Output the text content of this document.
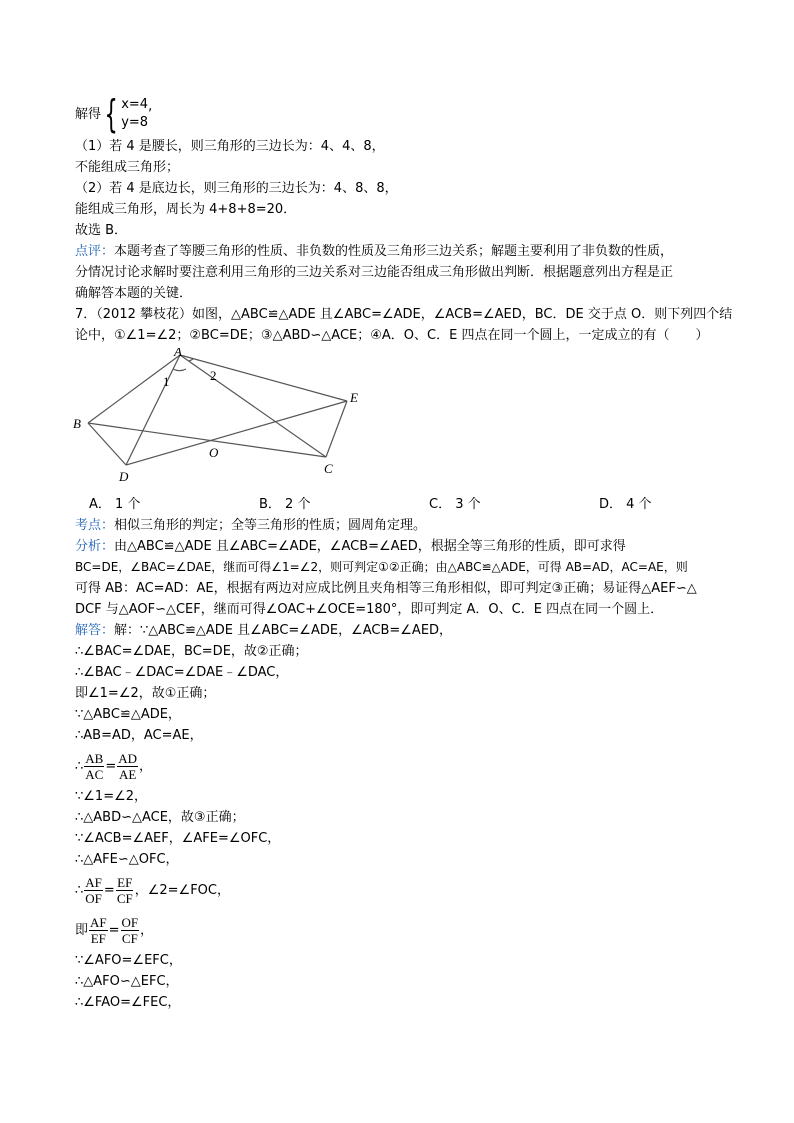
解得 { x=4
y=8
,
（1）若 4 是腰长，则三角形的三边长为：4、4、8，
不能组成三角形；
（2）若 4 是底边长，则三角形的三边长为：4、8、8，
能组成三角形，周长为 4+8+8=20．
故选 B．
点评：本题考查了等腰三角形的性质、非负数的性质及三角形三边关系；解题主要利用了非负数的性质，
分情况讨论求解时要注意利用三角形的三边关系对三边能否组成三角形做出判断．根据题意列出方程是正
确解答本题的关键．
7．（2012 攀枝花）如图，△ABC≌△ADE 且∠ABC=∠ADE，∠ACB=∠AED，BC．DE 交于点 O．则下列四个结
论中，①∠1=∠2；②BC=DE；③△ABD∽△ACE；④A．O、C．E 四点在同一个圆上，一定成立的有（　　）
A
B
C
D
E
O
1	2
A． 1 个	B． 2 个	C． 3 个	D． 4 个
考点：相似三角形的判定；全等三角形的性质；圆周角定理。
分析：由△ABC≌△ADE 且∠ABC=∠ADE，∠ACB=∠AED，根据全等三角形的性质，即可求得
BC=DE，∠BAC=∠DAE，继而可得∠1=∠2，则可判定①②正确；由△ABC≌△ADE，可得 AB=AD，AC=AE，则
可得 AB：AC=AD：AE，根据有两边对应成比例且夹角相等三角形相似，即可判定③正确；易证得△AEF∽△
DCF 与△AOF∽△CEF，继而可得∠OAC+∠OCE=180°，即可判定 A．O、C．E 四点在同一个圆上．
解答：解：∵△ABC≌△ADE 且∠ABC=∠ADE，∠ACB=∠AED，
∴∠BAC=∠DAE，BC=DE，故②正确；
∴∠BAC﹣∠DAC=∠DAE﹣∠DAC，
即∠1=∠2，故①正确；
∵△ABC≌△ADE，
∴AB=AD，AC=AE，
∴ $\frac{AB}{AC} = \frac{AD}{AE}$ ，
∵∠1=∠2，
∴△ABD∽△ACE，故③正确；
∵∠ACB=∠AEF，∠AFE=∠OFC，
∴△AFE∽△OFC，
∴ $\frac{AF}{OF} = \frac{EF}{CF}$ ，∠2=∠FOC，
即 $\frac{AF}{EF} = \frac{OF}{CF}$ ，
∵∠AFO=∠EFC，
∴△AFO∽△EFC，
∴∠FAO=∠FEC，
